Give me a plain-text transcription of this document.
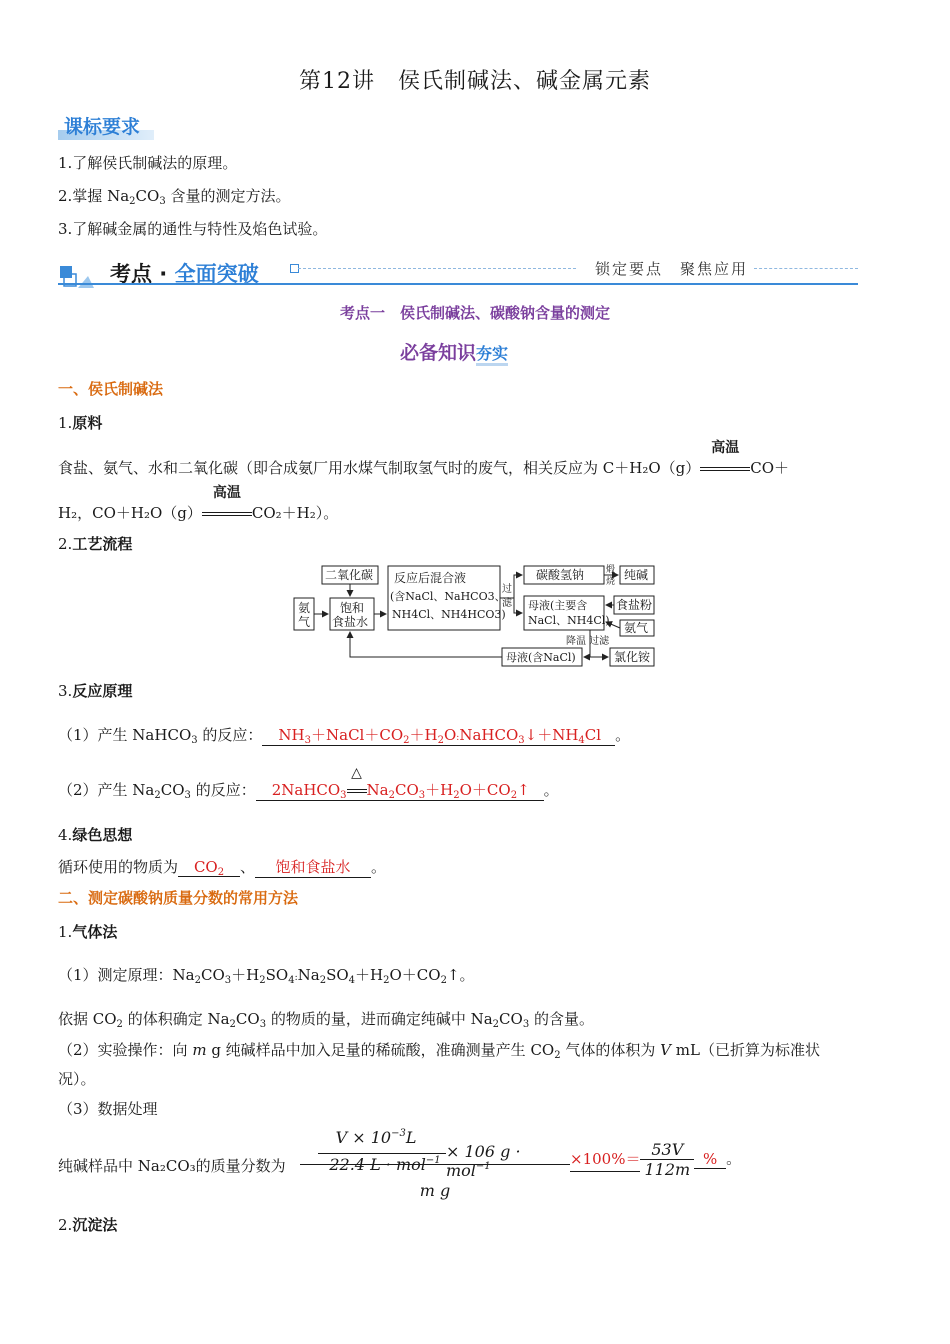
第12讲　侯氏制碱法、碱金属元素
课标要求
1.了解侯氏制碱法的原理。
2.掌握 $Na_2CO_3$ 含量的测定方法。
3.了解碱金属的通性与特性及焰色试验。
考点 · 全面突破	锁定要点　聚焦应用
考点一　侯氏制碱法、碳酸钠含量的测定
必备知识夯实
一、侯氏制碱法
1.原料
食盐、氨气、水和二氧化碳（即合成氨厂用水煤气制取氢气时的废气，相关反应为 C＋H₂O（g）
高温
CO＋
H₂，CO＋H₂O（g）
高温
CO₂＋H₂）。
2.工艺流程
二氧化碳
氨
气
饱和
食盐水
反应后混合液
(含NaCl、NaHCO3、
NH4Cl、NH4HCO3)
过
滤
碳酸氢钠 煅
烧 纯碱
母液(主要含
NaCl、NH4Cl)
食盐粉
氨气
降温 过滤
母液(含NaCl)	氯化铵
3.反应原理
（1）产生 NaHCO$_3$ 的反应： $NH_3+NaCl+CO_2+H_2O:NaHCO_3↓+NH_4Cl$ 。
（2）产生 $Na_2CO_3$ 的反应： 2NaHCO$_3$
△
$Na_2CO_3+H_2O+CO_2↑$ 。
4.绿色思想
循环使用的物质为 $CO_2$ 、 饱和食盐水 。
二、测定碳酸钠质量分数的常用方法
1.气体法
（1）测定原理：$Na_2CO_3+H_2SO_4:Na_2SO_4+H_2O+CO_2↑$。
依据 $CO_2$ 的体积确定 $Na_2CO_3$ 的物质的量，进而确定纯碱中 $Na_2CO_3$ 的含量。
（2）实验操作：向 m g 纯碱样品中加入足量的稀硫酸，准确测量产生 $CO_2$ 气体的体积为 V mL（已折算为标准状
况）。
（3）数据处理
纯碱样品中 Na₂CO₃的质量分数为
$V \times 10^{-3}L$
22.4 L · mol$^{-1}$ × 106 g · mol$^{-1}$
m g
$\times 100\%= \frac{53V}{112m}$ % 。
2.沉淀法
